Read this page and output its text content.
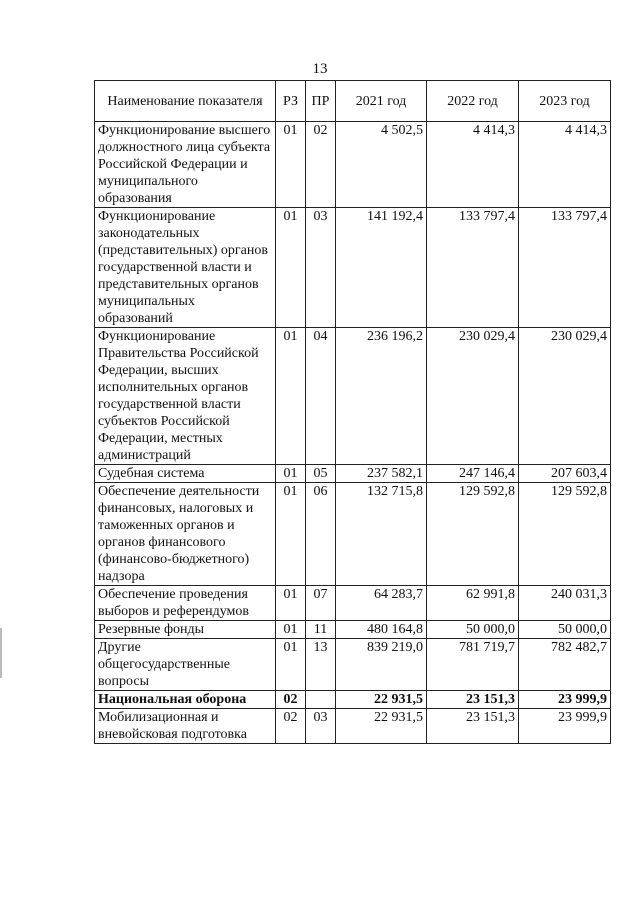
13
Наименование показателя	РЗ	ПР	2021 год	2022 год	2023 год
Функционирование высшего должностного лица субъекта Российской Федерации и муниципального образования	01	02	4 502,5	4 414,3	4 414,3
Функционирование законодательных (представительных) органов государственной власти и представительных органов муниципальных образований	01	03	141 192,4	133 797,4	133 797,4
Функционирование Правительства Российской Федерации, высших исполнительных органов государственной власти субъектов Российской Федерации, местных администраций	01	04	236 196,2	230 029,4	230 029,4
Судебная система	01	05	237 582,1	247 146,4	207 603,4
Обеспечение деятельности финансовых, налоговых и таможенных органов и органов финансового (финансово-бюджетного) надзора	01	06	132 715,8	129 592,8	129 592,8
Обеспечение проведения выборов и референдумов	01	07	64 283,7	62 991,8	240 031,3
Резервные фонды	01	11	480 164,8	50 000,0	50 000,0
Другие общегосударственные вопросы	01	13	839 219,0	781 719,7	782 482,7
Национальная оборона	02		22 931,5	23 151,3	23 999,9
Мобилизационная и вневойсковая подготовка	02	03	22 931,5	23 151,3	23 999,9
